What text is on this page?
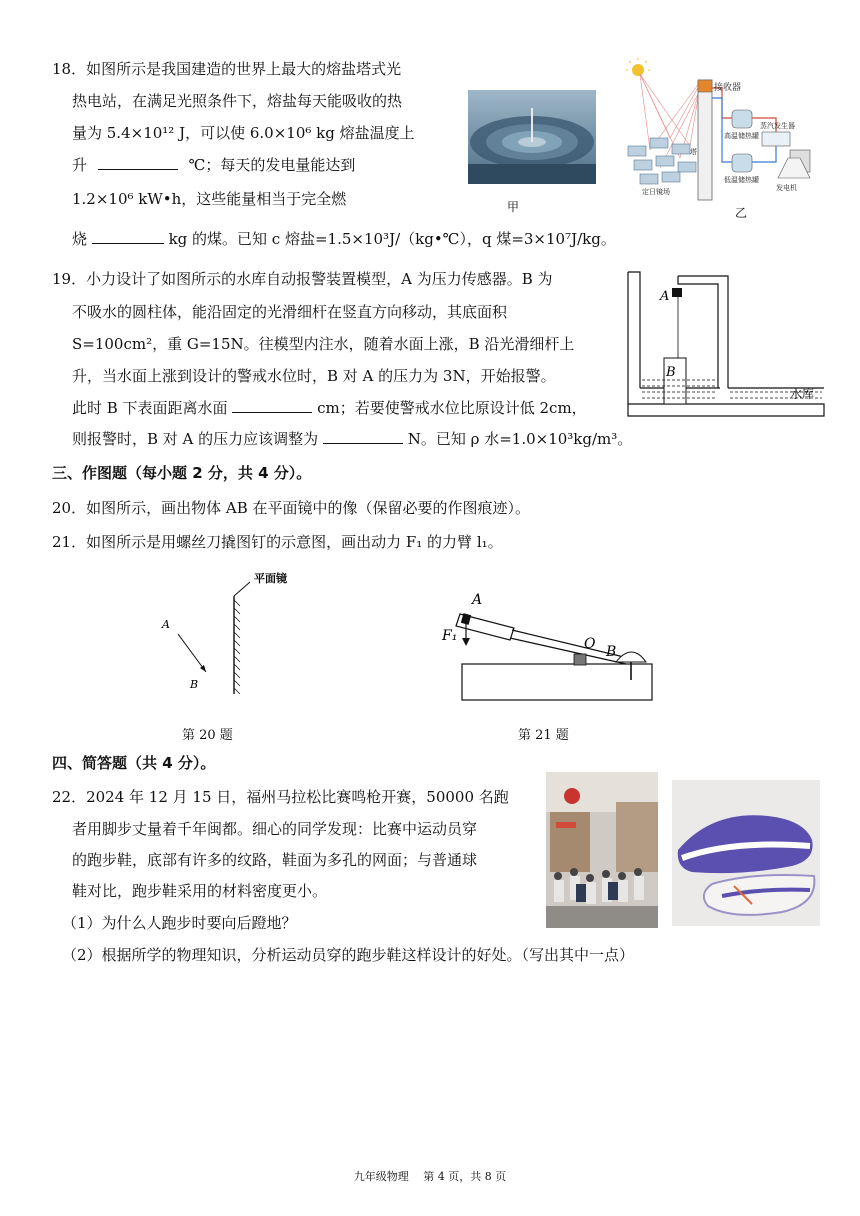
18．如图所示是我国建造的世界上最大的熔盐塔式光
热电站，在满足光照条件下，熔盐每天能吸收的热
量为 5.4×10¹² J，可以使 6.0×10⁶ kg 熔盐温度上
升	℃；每天的发电量能达到
1.2×10⁶ kW•h，这些能量相当于完全燃
烧	kg 的煤。已知 c 熔盐=1.5×10³J/（kg•℃），q 煤=3×10⁷J/kg。
甲
接收器
高温储热罐
蒸汽发生器
低温储热罐
定日镜场	发电机
塔
乙
19．小力设计了如图所示的水库自动报警装置模型，A 为压力传感器。B 为
不吸水的圆柱体，能沿固定的光滑细杆在竖直方向移动，其底面积
S=100cm²，重 G=15N。往模型内注水，随着水面上涨，B 沿光滑细杆上
升，当水面上涨到设计的警戒水位时，B 对 A 的压力为 3N，开始报警。
此时 B 下表面距离水面	cm；若要使警戒水位比原设计低 2cm，
则报警时，B 对 A 的压力应该调整为	N。已知 ρ 水=1.0×10³kg/m³。
A
B
水库
三、作图题（每小题 2 分，共 4 分）。
20．如图所示，画出物体 AB 在平面镜中的像（保留必要的作图痕迹）。
21．如图所示是用螺丝刀撬图钉的示意图，画出动力 F₁ 的力臂 l₁。
A
B
平面镜
A
F₁	O B
第 20 题	第 21 题
四、简答题（共 4 分）。
22．2024 年 12 月 15 日，福州马拉松比赛鸣枪开赛，50000 名跑
者用脚步丈量着千年闽都。细心的同学发现：比赛中运动员穿
的跑步鞋，底部有许多的纹路，鞋面为多孔的网面；与普通球
鞋对比，跑步鞋采用的材料密度更小。
（1）为什么人跑步时要向后蹬地？
（2）根据所学的物理知识，分析运动员穿的跑步鞋这样设计的好处。（写出其中一点）
九年级物理　 第 4 页，共 8 页
